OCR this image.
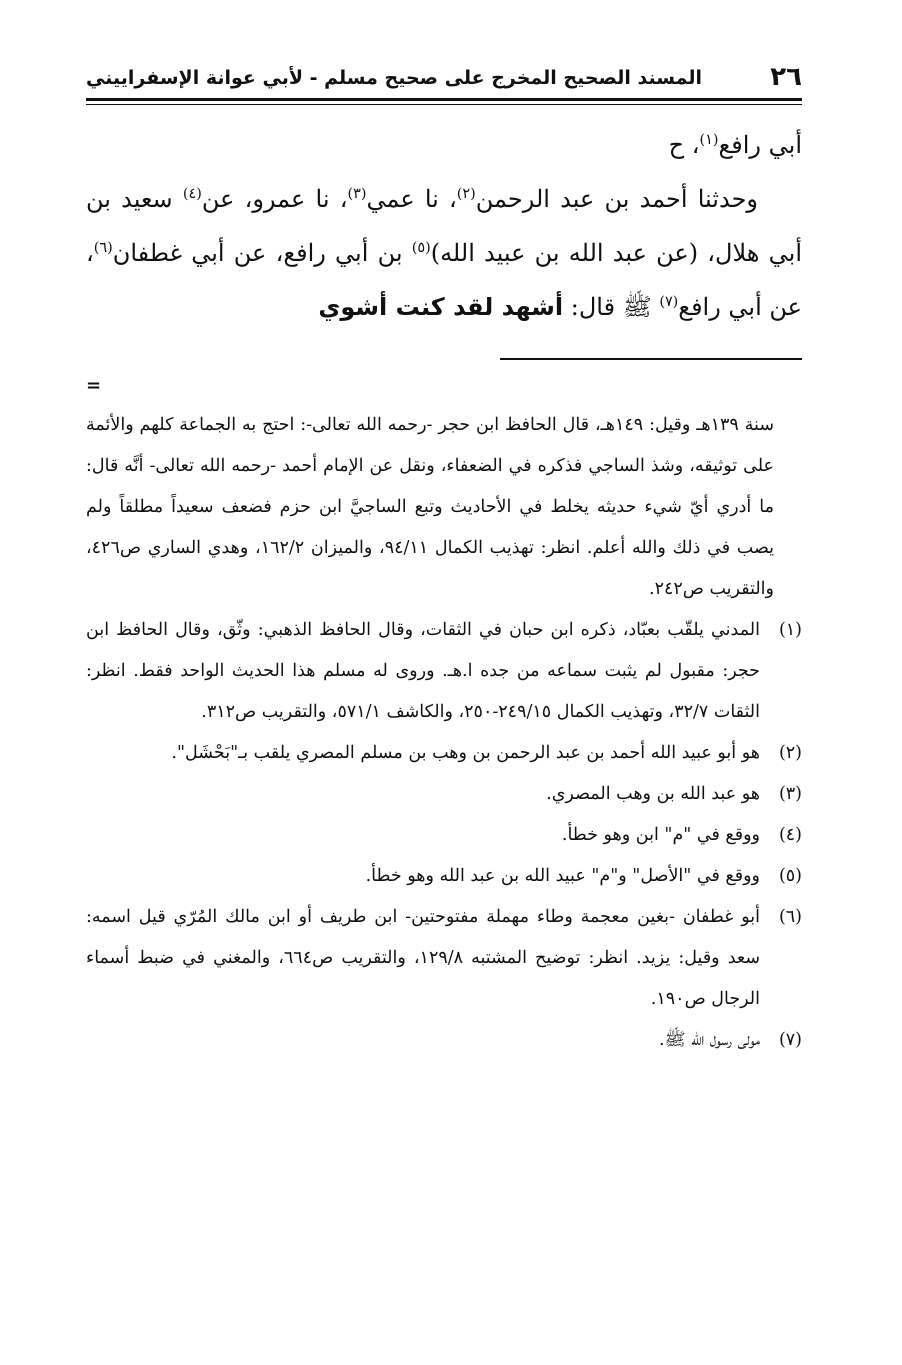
٢٦
المسند الصحيح المخرج على صحيح مسلم - لأبي عوانة الإسفراييني

أبي رافع$^{(١)}$، ح

وحدثنا أحمد بن عبد الرحمن$^{(٢)}$، نا عمي$^{(٣)}$، نا عمرو، عن$^{(٤)}$ سعيد بن أبي هلال، (عن عبد الله بن عبيد الله)$^{(٥)}$ بن أبي رافع، عن أبي غطفان$^{(٦)}$، عن أبي رافع$^{(٧)}$ ﷺ قال: أشهد لقد كنت أشوي

=

سنة ١٣٩هـ وقيل: ١٤٩هـ، قال الحافظ ابن حجر -رحمه الله تعالى-: احتج به الجماعة كلهم والأئمة على توثيقه، وشذ الساجي فذكره في الضعفاء، ونقل عن الإمام أحمد -رحمه الله تعالى- أنَّه قال: ما أدري أيّ شيء حديثه يخلط في الأحاديث وتبع الساجيَّ ابن حزم فضعف سعيداً مطلقاً ولم يصب في ذلك والله أعلم. انظر: تهذيب الكمال ٩٤/١١، والميزان ١٦٢/٢، وهدي الساري ص٤٢٦، والتقريب ص٢٤٢.

(١)
المدني يلقّب بعبّاد، ذكره ابن حبان في الثقات، وقال الحافظ الذهبي: وثّق، وقال الحافظ ابن حجر: مقبول لم يثبت سماعه من جده ا.هـ. وروى له مسلم هذا الحديث الواحد فقط. انظر: الثقات ٣٢/٧، وتهذيب الكمال ٢٤٩/١٥-٢٥٠، والكاشف ٥٧١/١، والتقريب ص٣١٢.
(٢)
هو أبو عبيد الله أحمد بن عبد الرحمن بن وهب بن مسلم المصري يلقب بـ"بَحْشَل".
(٣)
هو عبد الله بن وهب المصري.
(٤)
ووقع في "م" ابن وهو خطأ.
(٥)
ووقع في "الأصل" و"م" عبيد الله بن عبد الله وهو خطأ.
(٦)
أبو غطفان -بغين معجمة وطاء مهملة مفتوحتين- ابن طريف أو ابن مالك المُرّي قيل اسمه: سعد وقيل: يزيد. انظر: توضيح المشتبه ١٢٩/٨، والتقريب ص٦٦٤، والمغني في ضبط أسماء الرجال ص١٩٠.
(٧)
مولى رسول الله ﷺ.
